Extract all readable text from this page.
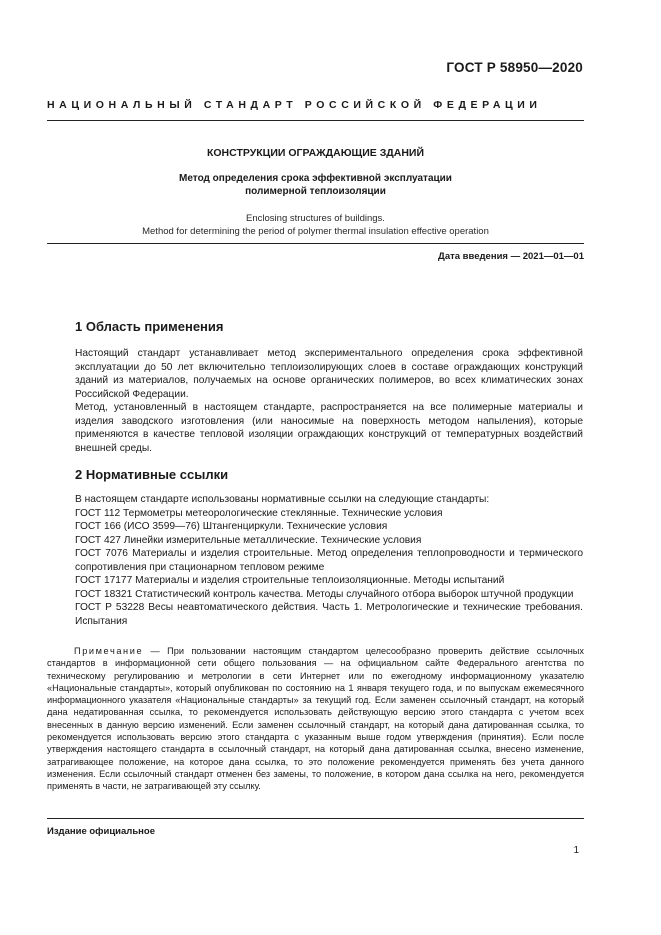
ГОСТ Р 58950—2020
НАЦИОНАЛЬНЫЙ СТАНДАРТ РОССИЙСКОЙ ФЕДЕРАЦИИ
КОНСТРУКЦИИ ОГРАЖДАЮЩИЕ ЗДАНИЙ
Метод определения срока эффективной эксплуатации
полимерной теплоизоляции
Enclosing structures of buildings.
Method for determining the period of polymer thermal insulation effective operation
Дата введения — 2021—01—01
1 Область применения

Настоящий стандарт устанавливает метод экспериментального определения срока эффективной эксплуатации до 50 лет включительно теплоизолирующих слоев в составе ограждающих конструкций зданий из материалов, получаемых на основе органических полимеров, во всех климатических зонах Российской Федерации.

Метод, установленный в настоящем стандарте, распространяется на все полимерные материалы и изделия заводского изготовления (или наносимые на поверхность методом напыления), которые применяются в качестве тепловой изоляции ограждающих конструкций от температурных воздействий внешней среды.

2 Нормативные ссылки

В настоящем стандарте использованы нормативные ссылки на следующие стандарты:

ГОСТ 112 Термометры метеорологические стеклянные. Технические условия

ГОСТ 166 (ИСО 3599—76) Штангенциркули. Технические условия

ГОСТ 427 Линейки измерительные металлические. Технические условия

ГОСТ 7076 Материалы и изделия строительные. Метод определения теплопроводности и термического сопротивления при стационарном тепловом режиме

ГОСТ 17177 Материалы и изделия строительные теплоизоляционные. Методы испытаний

ГОСТ 18321 Статистический контроль качества. Методы случайного отбора выборок штучной продукции

ГОСТ Р 53228 Весы неавтоматического действия. Часть 1. Метрологические и технические требования. Испытания

Примечание — При пользовании настоящим стандартом целесообразно проверить действие ссылочных стандартов в информационной сети общего пользования — на официальном сайте Федерального агентства по техническому регулированию и метрологии в сети Интернет или по ежегодному информационному указателю «Национальные стандарты», который опубликован по состоянию на 1 января текущего года, и по выпускам ежемесячного информационного указателя «Национальные стандарты» за текущий год. Если заменен ссылочный стандарт, на который дана недатированная ссылка, то рекомендуется использовать действующую версию этого стандарта с учетом всех внесенных в данную версию изменений. Если заменен ссылочный стандарт, на который дана датированная ссылка, то рекомендуется использовать версию этого стандарта с указанным выше годом утверждения (принятия). Если после утверждения настоящего стандарта в ссылочный стандарт, на который дана датированная ссылка, внесено изменение, затрагивающее положение, на которое дана ссылка, то это положение рекомендуется применять без учета данного изменения. Если ссылочный стандарт отменен без замены, то положение, в котором дана ссылка на него, рекомендуется применять в части, не затрагивающей эту ссылку.
Издание официальное
1
